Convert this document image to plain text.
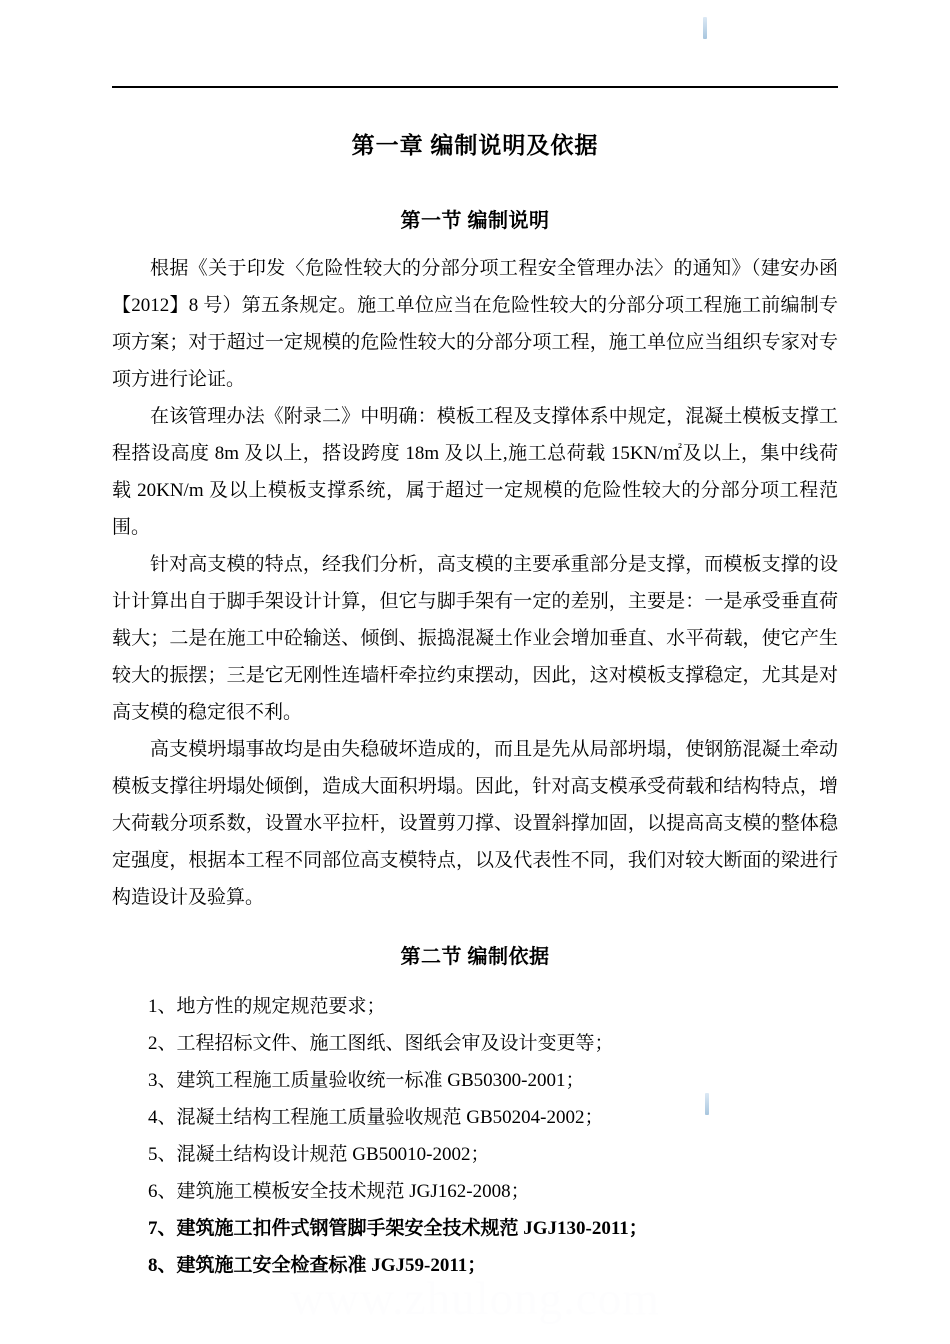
第一章 编制说明及依据
第一节 编制说明

根据《关于印发〈危险性较大的分部分项工程安全管理办法〉的通知》（建安办函【2012】8 号）第五条规定。施工单位应当在危险性较大的分部分项工程施工前编制专项方案；对于超过一定规模的危险性较大的分部分项工程，施工单位应当组织专家对专项方进行论证。

在该管理办法《附录二》中明确：模板工程及支撑体系中规定，混凝土模板支撑工程搭设高度 8m 及以上，搭设跨度 18m 及以上,施工总荷载 15KN/㎡及以上，集中线荷载 20KN/m 及以上模板支撑系统，属于超过一定规模的危险性较大的分部分项工程范围。

针对高支模的特点，经我们分析，高支模的主要承重部分是支撑，而模板支撑的设计计算出自于脚手架设计计算，但它与脚手架有一定的差别，主要是：一是承受垂直荷载大；二是在施工中砼输送、倾倒、振捣混凝土作业会增加垂直、水平荷载，使它产生较大的振摆；三是它无刚性连墙杆牵拉约束摆动，因此，这对模板支撑稳定，尤其是对高支模的稳定很不利。

高支模坍塌事故均是由失稳破坏造成的，而且是先从局部坍塌，使钢筋混凝土牵动模板支撑往坍塌处倾倒，造成大面积坍塌。因此，针对高支模承受荷载和结构特点，增大荷载分项系数，设置水平拉杆，设置剪刀撑、设置斜撑加固，以提高高支模的整体稳定强度，根据本工程不同部位高支模特点，以及代表性不同，我们对较大断面的梁进行构造设计及验算。

第二节 编制依据
1、地方性的规定规范要求；
2、工程招标文件、施工图纸、图纸会审及设计变更等；
3、建筑工程施工质量验收统一标准 GB50300-2001；
4、混凝土结构工程施工质量验收规范 GB50204-2002；
5、混凝土结构设计规范 GB50010-2002；
6、建筑施工模板安全技术规范 JGJ162-2008；
7、建筑施工扣件式钢管脚手架安全技术规范 JGJ130-2011；
8、建筑施工安全检查标准 JGJ59-2011；
www.zhulong.com
